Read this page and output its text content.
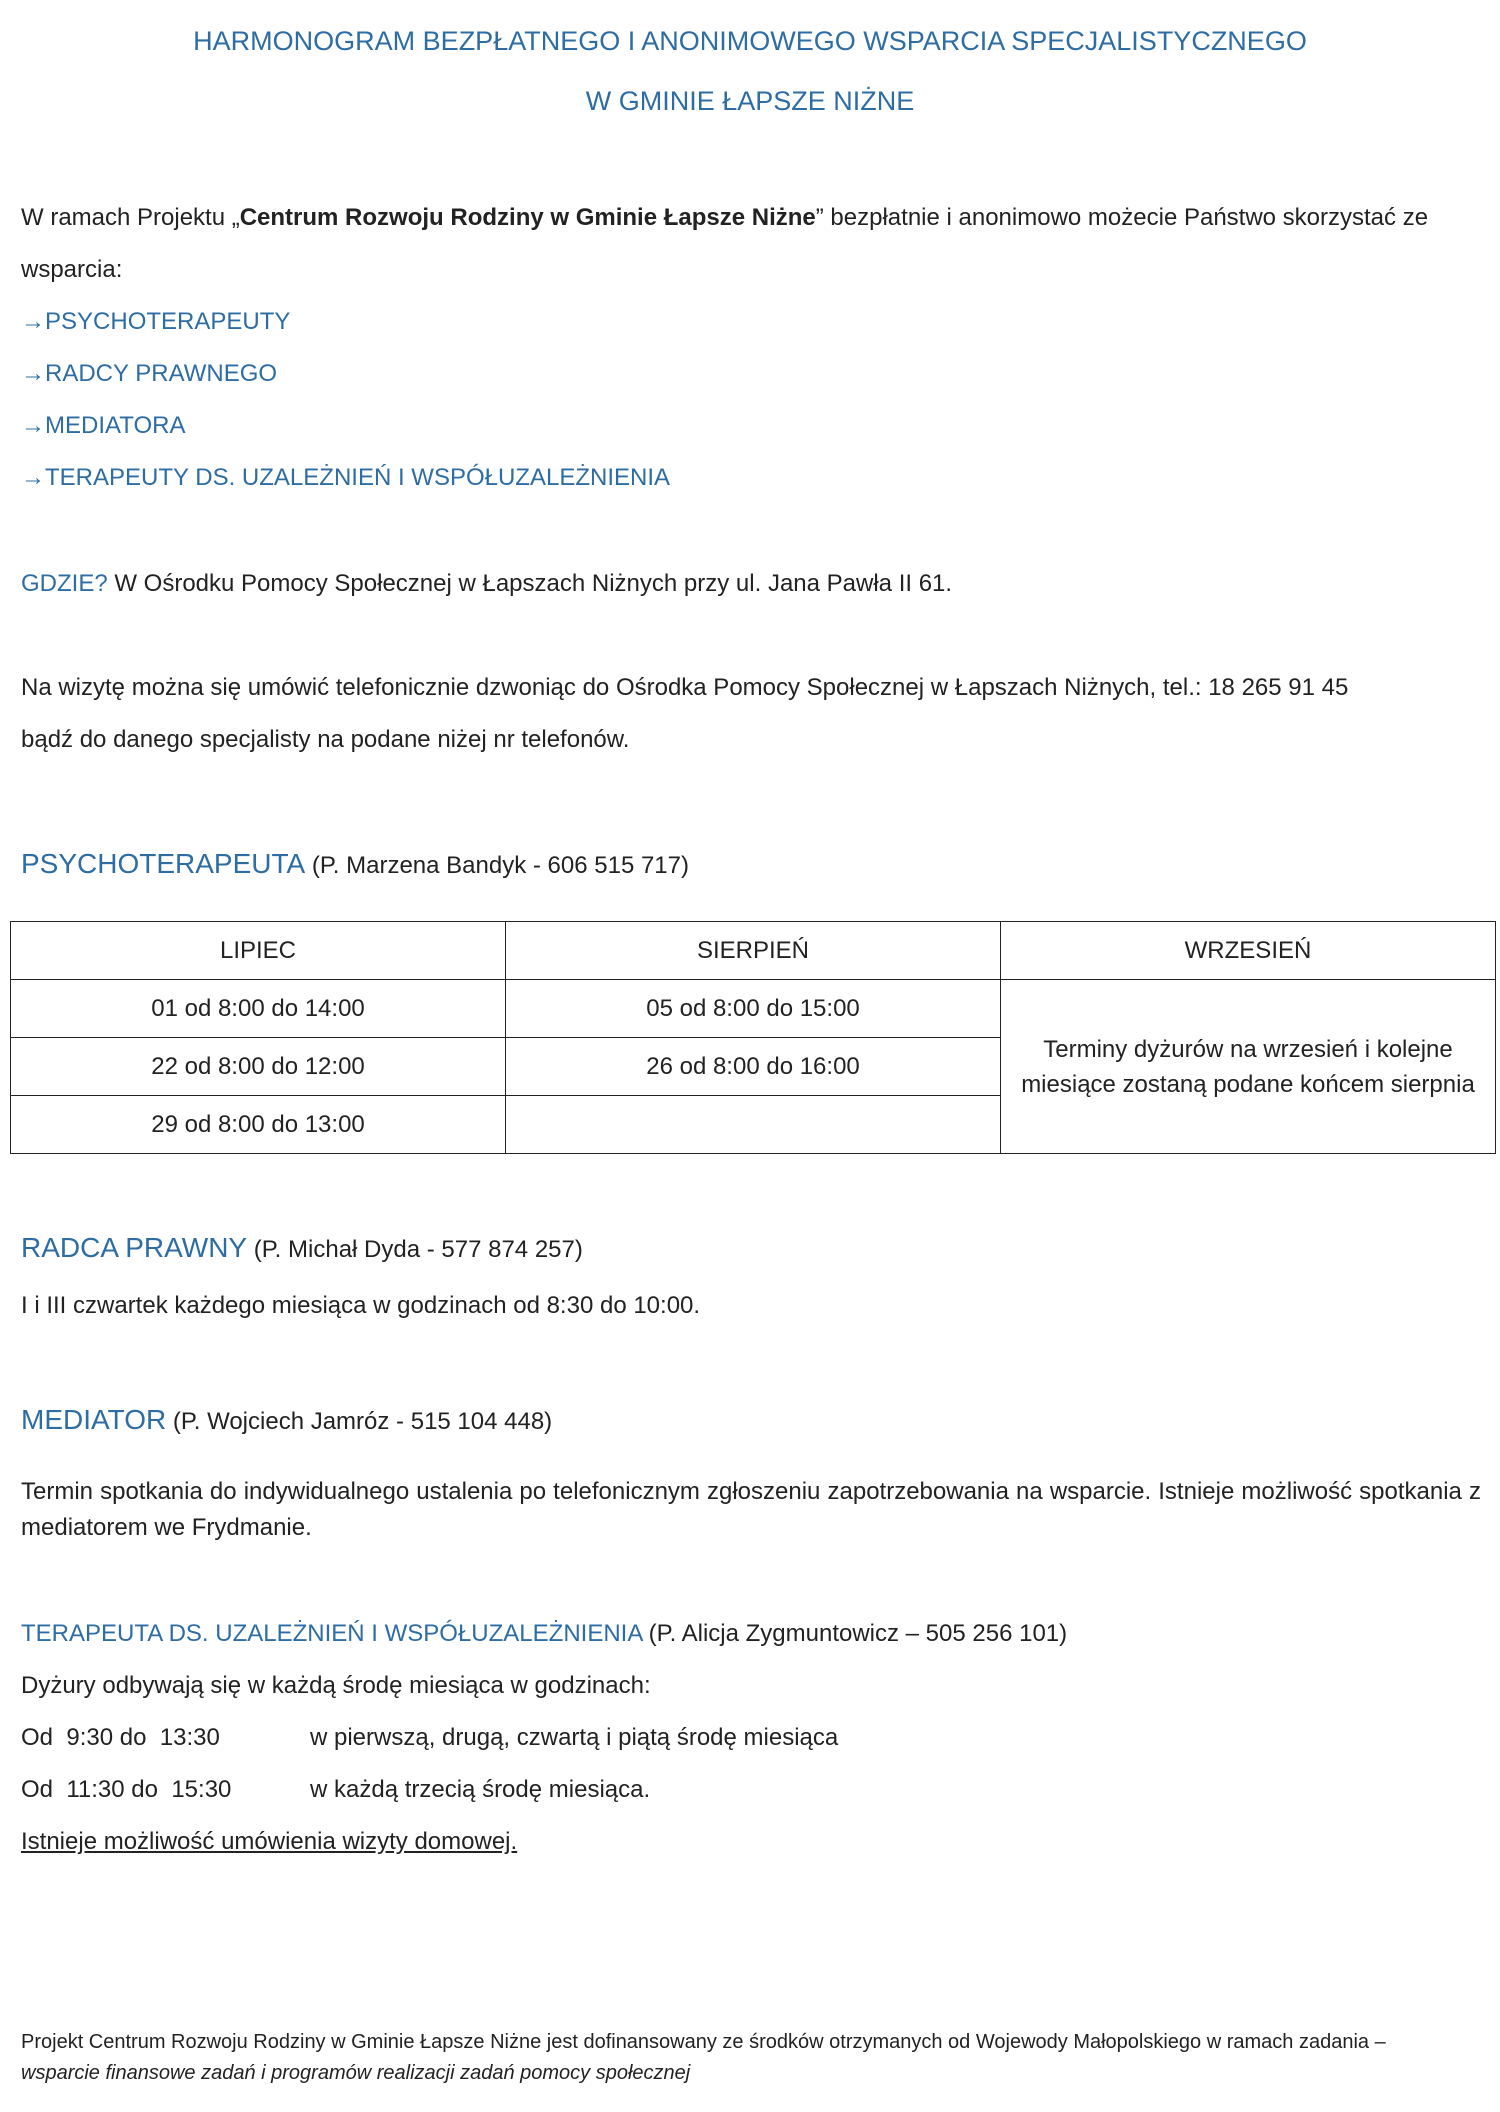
HARMONOGRAM BEZPŁATNEGO I ANONIMOWEGO WSPARCIA SPECJALISTYCZNEGO
W GMINIE ŁAPSZE NIŻNE
W ramach Projektu „Centrum Rozwoju Rodziny w Gminie Łapsze Niżne” bezpłatnie i anonimowo możecie Państwo skorzystać ze wsparcia:
→PSYCHOTERAPEUTY
→RADCY PRAWNEGO
→MEDIATORA
→TERAPEUTY DS. UZALEŻNIEŃ I WSPÓŁUZALEŻNIENIA
GDZIE? W Ośrodku Pomocy Społecznej w Łapszach Niżnych przy ul. Jana Pawła II 61.
Na wizytę można się umówić telefonicznie dzwoniąc do Ośrodka Pomocy Społecznej w Łapszach Niżnych, tel.: 18 265 91 45
bądź do danego specjalisty na podane niżej nr telefonów.
PSYCHOTERAPEUTA (P. Marzena Bandyk - 606 515 717)
LIPIEC	SIERPIEŃ	WRZESIEŃ
01 od 8:00 do 14:00	05 od 8:00 do 15:00	Terminy dyżurów na wrzesień i kolejne miesiące zostaną podane końcem sierpnia
22 od 8:00 do 12:00	26 od 8:00 do 16:00	
29 od 8:00 do 13:00		
RADCA PRAWNY (P. Michał Dyda - 577 874 257)
I i III czwartek każdego miesiąca w godzinach od 8:30 do 10:00.
MEDIATOR (P. Wojciech Jamróz - 515 104 448)
Termin spotkania do indywidualnego ustalenia po telefonicznym zgłoszeniu zapotrzebowania na wsparcie. Istnieje możliwość spotkania z mediatorem we Frydmanie.
TERAPEUTA DS. UZALEŻNIEŃ I WSPÓŁUZALEŻNIENIA (P. Alicja Zygmuntowicz – 505 256 101)
Dyżury odbywają się w każdą środę miesiąca w godzinach:
Od  9:30 do  13:30	w pierwszą, drugą, czwartą i piątą środę miesiąca
Od  11:30 do  15:30	w każdą trzecią środę miesiąca.
Istnieje możliwość umówienia wizyty domowej.
Projekt Centrum Rozwoju Rodziny w Gminie Łapsze Niżne jest dofinansowany ze środków otrzymanych od Wojewody Małopolskiego w ramach zadania – wsparcie finansowe zadań i programów realizacji zadań pomocy społecznej
